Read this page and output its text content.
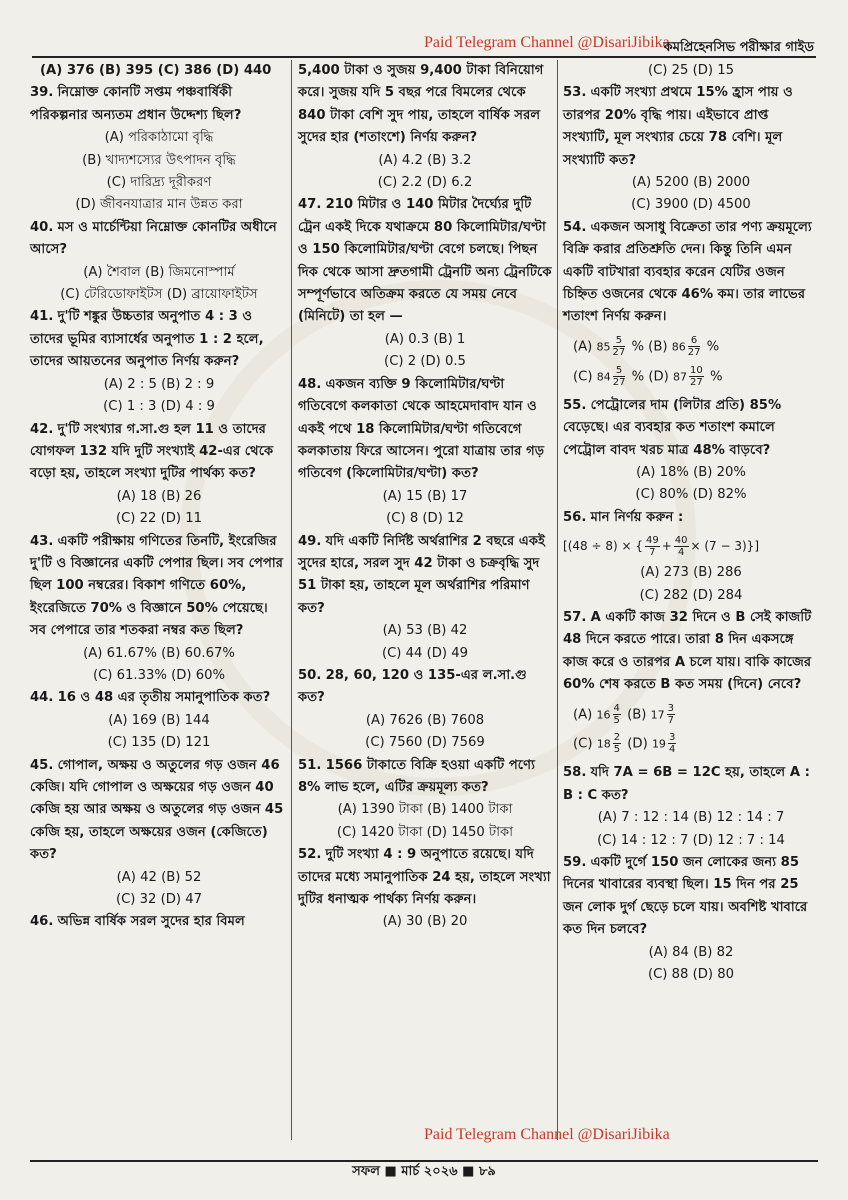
Paid Telegram Channel @DisariJibika
কমপ্রিহেনসিভ পরীক্ষার গাইড

(A) 376 (B) 395 (C) 386 (D) 440

39. নিম্নোক্ত কোনটি সপ্তম পঞ্চবার্ষিকী পরিকল্পনার অন্যতম প্রধান উদ্দেশ্য ছিল?

(A) পরিকাঠামো বৃদ্ধি

(B) খাদ্যশস্যের উৎপাদন বৃদ্ধি

(C) দারিদ্র্য দূরীকরণ

(D) জীবনযাত্রার মান উন্নত করা

40. মস ও মার্চেন্টিয়া নিম্নোক্ত কোনটির অধীনে আসে?

(A) শৈবাল (B) জিমনোস্পার্ম

(C) টেরিডোফাইটস (D) ব্রায়োফাইটস

41. দু'টি শঙ্কুর উচ্চতার অনুপাত 4 : 3 ও তাদের ভূমির ব্যাসার্ধের অনুপাত 1 : 2 হলে, তাদের আয়তনের অনুপাত নির্ণয় করুন?

(A) 2 : 5 (B) 2 : 9

(C) 1 : 3 (D) 4 : 9

42. দু'টি সংখ্যার গ.সা.গু হল 11 ও তাদের যোগফল 132 যদি দুটি সংখ্যাই 42-এর থেকে বড়ো হয়, তাহলে সংখ্যা দুটির পার্থক্য কত?

(A) 18 (B) 26

(C) 22 (D) 11

43. একটি পরীক্ষায় গণিতের তিনটি, ইংরেজির দু'টি ও বিজ্ঞানের একটি পেপার ছিল। সব পেপার ছিল 100 নম্বরের। বিকাশ গণিতে 60%, ইংরেজিতে 70% ও বিজ্ঞানে 50% পেয়েছে। সব পেপারে তার শতকরা নম্বর কত ছিল?

(A) 61.67% (B) 60.67%

(C) 61.33% (D) 60%

44. 16 ও 48 এর তৃতীয় সমানুপাতিক কত?

(A) 169 (B) 144

(C) 135 (D) 121

45. গোপাল, অক্ষয় ও অতুলের গড় ওজন 46 কেজি। যদি গোপাল ও অক্ষয়ের গড় ওজন 40 কেজি হয় আর অক্ষয় ও অতুলের গড় ওজন 45 কেজি হয়, তাহলে অক্ষয়ের ওজন (কেজিতে) কত?

(A) 42 (B) 52

(C) 32 (D) 47

46. অভিন্ন বার্ষিক সরল সুদের হার বিমল

5,400 টাকা ও সুজয় 9,400 টাকা বিনিয়োগ করে। সুজয় যদি 5 বছর পরে বিমলের থেকে 840 টাকা বেশি সুদ পায়, তাহলে বার্ষিক সরল সুদের হার (শতাংশে) নির্ণয় করুন?

(A) 4.2 (B) 3.2

(C) 2.2 (D) 6.2

47. 210 মিটার ও 140 মিটার দৈর্ঘ্যের দুটি ট্রেন একই দিকে যথাক্রমে 80 কিলোমিটার/ঘণ্টা ও 150 কিলোমিটার/ঘণ্টা বেগে চলছে। পিছন দিক থেকে আসা দ্রুতগামী ট্রেনটি অন্য ট্রেনটিকে সম্পূর্ণভাবে অতিক্রম করতে যে সময় নেবে (মিনিটে) তা হল —

(A) 0.3 (B) 1

(C) 2 (D) 0.5

48. একজন ব্যক্তি 9 কিলোমিটার/ঘণ্টা গতিবেগে কলকাতা থেকে আহমেদাবাদ যান ও একই পথে 18 কিলোমিটার/ঘণ্টা গতিবেগে কলকাতায় ফিরে আসেন। পুরো যাত্রায় তার গড় গতিবেগ (কিলোমিটার/ঘণ্টা) কত?

(A) 15 (B) 17

(C) 8 (D) 12

49. যদি একটি নির্দিষ্ট অর্থরাশির 2 বছরে একই সুদের হারে, সরল সুদ 42 টাকা ও চক্রবৃদ্ধি সুদ 51 টাকা হয়, তাহলে মূল অর্থরাশির পরিমাণ কত?

(A) 53 (B) 42

(C) 44 (D) 49

50. 28, 60, 120 ও 135-এর ল.সা.গু কত?

(A) 7626 (B) 7608

(C) 7560 (D) 7569

51. 1566 টাকাতে বিক্রি হওয়া একটি পণ্যে 8% লাভ হলে, এটির ক্রয়মূল্য কত?

(A) 1390 টাকা (B) 1400 টাকা

(C) 1420 টাকা (D) 1450 টাকা

52. দুটি সংখ্যা 4 : 9 অনুপাতে রয়েছে। যদি তাদের মধ্যে সমানুপাতিক 24 হয়, তাহলে সংখ্যা দুটির ধনাত্মক পার্থক্য নির্ণয় করুন।

(A) 30 (B) 20

(C) 25 (D) 15

53. একটি সংখ্যা প্রথমে 15% হ্রাস পায় ও তারপর 20% বৃদ্ধি পায়। এইভাবে প্রাপ্ত সংখ্যাটি, মূল সংখ্যার চেয়ে 78 বেশি। মূল সংখ্যাটি কত?

(A) 5200 (B) 2000

(C) 3900 (D) 4500

54. একজন অসাধু বিক্রেতা তার পণ্য ক্রয়মূল্যে বিক্রি করার প্রতিশ্রুতি দেন। কিন্তু তিনি এমন একটি বাটখারা ব্যবহার করেন যেটির ওজন চিহ্নিত ওজনের থেকে 46% কম। তার লাভের শতাংশ নির্ণয় করুন।

(A) $85 \frac{5}{27}$ % (B) $86 \frac{6}{27}$ %

(C) $84 \frac{5}{27}$ % (D) $87 \frac{10}{27}$ %

55. পেট্রোলের দাম (লিটার প্রতি) 85% বেড়েছে। এর ব্যবহার কত শতাংশ কমালে পেট্রোল বাবদ খরচ মাত্র 48% বাড়বে?

(A) 18% (B) 20%

(C) 80% (D) 82%

56. মান নির্ণয় করুন :

[(48 ÷ 8) × { $\frac{49}{7} + \frac{40}{4} \times (7 - 3)$}]

(A) 273 (B) 286

(C) 282 (D) 284

57. A একটি কাজ 32 দিনে ও B সেই কাজটি 48 দিনে করতে পারে। তারা 8 দিন একসঙ্গে কাজ করে ও তারপর A চলে যায়। বাকি কাজের 60% শেষ করতে B কত সময় (দিনে) নেবে?

(A) $16 \frac{4}{5} (B)$ $17 \frac{3}{7}$

(C) $18 \frac{2}{5} (D)$ $19 \frac{3}{4}$

58. যদি 7A = 6B = 12C হয়, তাহলে A : B : C কত?

(A) 7 : 12 : 14 (B) 12 : 14 : 7

(C) 14 : 12 : 7 (D) 12 : 7 : 14

59. একটি দুর্গে 150 জন লোকের জন্য 85 দিনের খাবারের ব্যবস্থা ছিল। 15 দিন পর 25 জন লোক দুর্গ ছেড়ে চলে যায়। অবশিষ্ট খাবারে কত দিন চলবে?

(A) 84 (B) 82

(C) 88 (D) 80

Paid Telegram Channel @DisariJibika
সফল ■ মার্চ ২০২৬ ■ ৮৯
